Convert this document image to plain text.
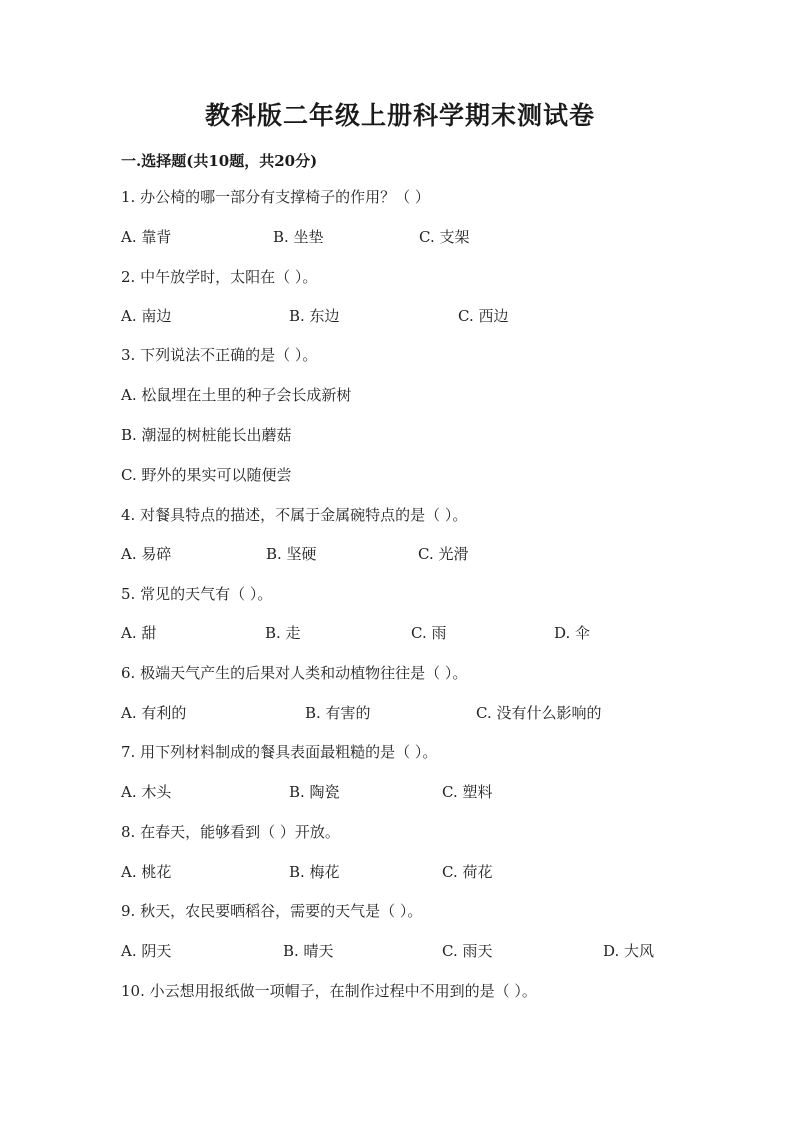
教科版二年级上册科学期末测试卷
一.选择题(共10题，共20分)
1. 办公椅的哪一部分有支撑椅子的作用？（ ）
A. 靠背	B. 坐垫	C. 支架
2. 中午放学时，太阳在（ ）。
A. 南边	B. 东边	C. 西边
3. 下列说法不正确的是（ ）。
A. 松鼠埋在土里的种子会长成新树
B. 潮湿的树桩能长出蘑菇
C. 野外的果实可以随便尝
4. 对餐具特点的描述，不属于金属碗特点的是（ ）。
A. 易碎	B. 坚硬	C. 光滑
5. 常见的天气有（ ）。
A. 甜	B. 走	C. 雨	D. 伞
6. 极端天气产生的后果对人类和动植物往往是（ ）。
A. 有利的	B. 有害的	C. 没有什么影响的
7. 用下列材料制成的餐具表面最粗糙的是（ ）。
A. 木头	B. 陶瓷	C. 塑料
8. 在春天，能够看到（ ）开放。
A. 桃花	B. 梅花	C. 荷花
9. 秋天，农民要晒稻谷，需要的天气是（ ）。
A. 阴天	B. 晴天	C. 雨天	D. 大风
10. 小云想用报纸做一项帽子，在制作过程中不用到的是（ ）。
